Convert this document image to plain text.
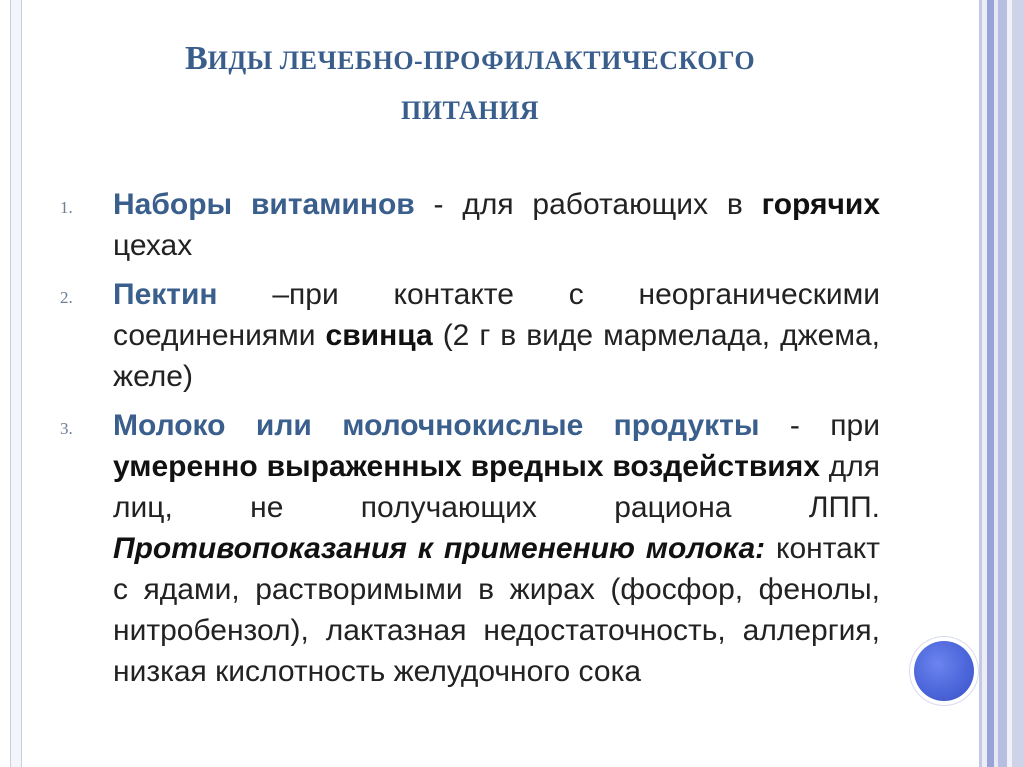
ВИДЫ ЛЕЧЕБНО-ПРОФИЛАКТИЧЕСКОГО
ПИТАНИЯ
1.	Наборы витаминов - для работающих в горячих цехах
2.	Пектин –при контакте с неорганическими соединениями свинца (2 г в виде мармелада, джема, желе)
3.	Молоко или молочнокислые продукты - при умеренно выраженных вредных воздействиях для лиц, не получающих рациона ЛПП. Противопоказания к применению молока: контакт с ядами, растворимыми в жирах (фосфор, фенолы, нитробензол), лактазная недостаточность, аллергия, низкая кислотность желудочного сока
